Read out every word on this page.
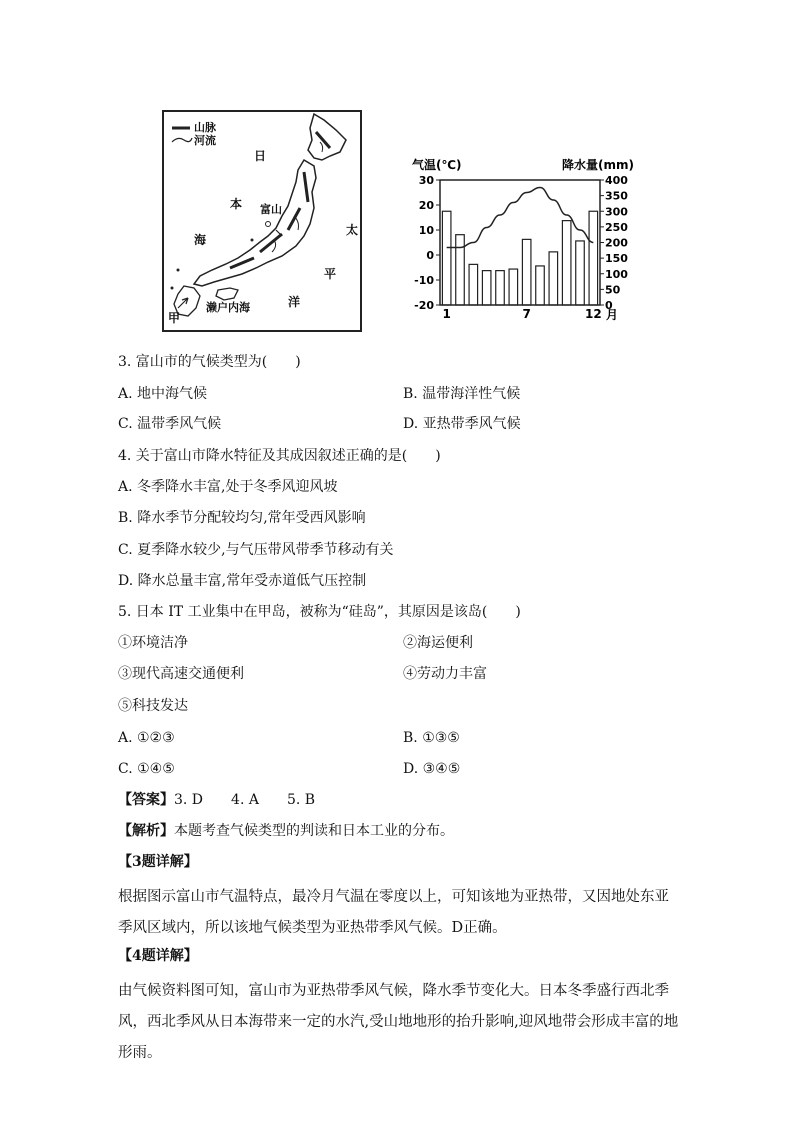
山脉
河流
日
本
海
富山
太
平
洋
甲
濑户内海
气温(℃)	降水量(mm)
30
20
10
0
-10
-20
400
350
300
250
200
150
100
50
0
1	7	12 月
3. 富山市的气候类型为(　　)
A. 地中海气候	B. 温带海洋性气候
C. 温带季风气候	D. 亚热带季风气候
4. 关于富山市降水特征及其成因叙述正确的是(　　)
A. 冬季降水丰富,处于冬季风迎风坡
B. 降水季节分配较均匀,常年受西风影响
C. 夏季降水较少,与气压带风带季节移动有关
D. 降水总量丰富,常年受赤道低气压控制
5. 日本 IT 工业集中在甲岛，被称为“硅岛”，其原因是该岛(　　)
①环境洁净	②海运便利
③现代高速交通便利	④劳动力丰富
⑤科技发达
A. ①②③	B. ①③⑤
C. ①④⑤	D. ③④⑤
【答案】3. D　　4. A　　5. B
【解析】本题考查气候类型的判读和日本工业的分布。
【3题详解】
根据图示富山市气温特点，最冷月气温在零度以上，可知该地为亚热带，又因地处东亚季风区域内，所以该地气候类型为亚热带季风气候。D正确。
【4题详解】
由气候资料图可知，富山市为亚热带季风气候，降水季节变化大。日本冬季盛行西北季风，西北季风从日本海带来一定的水汽,受山地地形的抬升影响,迎风地带会形成丰富的地形雨。
